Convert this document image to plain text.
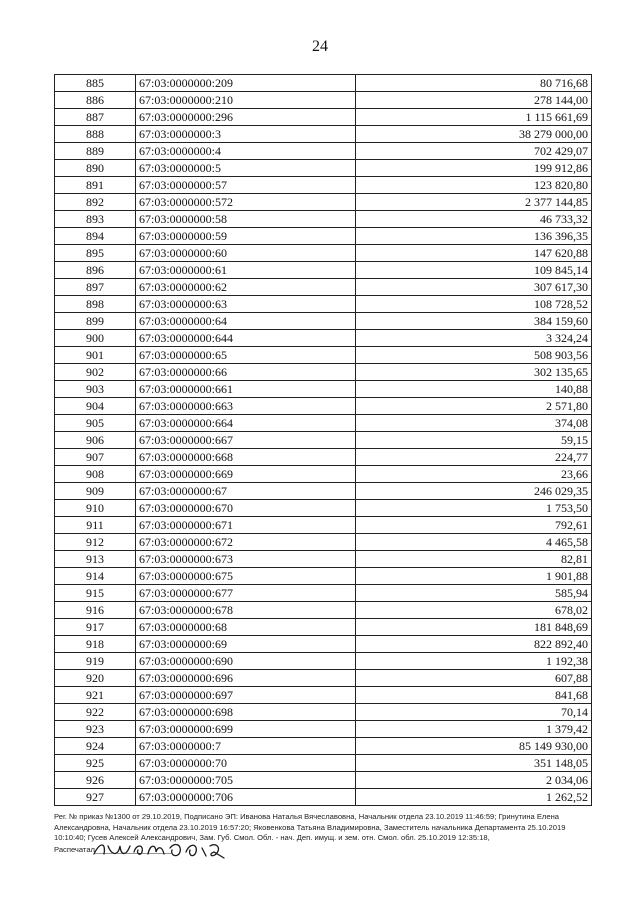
24
885	67:03:0000000:209	80 716,68
886	67:03:0000000:210	278 144,00
887	67:03:0000000:296	1 115 661,69
888	67:03:0000000:3	38 279 000,00
889	67:03:0000000:4	702 429,07
890	67:03:0000000:5	199 912,86
891	67:03:0000000:57	123 820,80
892	67:03:0000000:572	2 377 144,85
893	67:03:0000000:58	46 733,32
894	67:03:0000000:59	136 396,35
895	67:03:0000000:60	147 620,88
896	67:03:0000000:61	109 845,14
897	67:03:0000000:62	307 617,30
898	67:03:0000000:63	108 728,52
899	67:03:0000000:64	384 159,60
900	67:03:0000000:644	3 324,24
901	67:03:0000000:65	508 903,56
902	67:03:0000000:66	302 135,65
903	67:03:0000000:661	140,88
904	67:03:0000000:663	2 571,80
905	67:03:0000000:664	374,08
906	67:03:0000000:667	59,15
907	67:03:0000000:668	224,77
908	67:03:0000000:669	23,66
909	67:03:0000000:67	246 029,35
910	67:03:0000000:670	1 753,50
911	67:03:0000000:671	792,61
912	67:03:0000000:672	4 465,58
913	67:03:0000000:673	82,81
914	67:03:0000000:675	1 901,88
915	67:03:0000000:677	585,94
916	67:03:0000000:678	678,02
917	67:03:0000000:68	181 848,69
918	67:03:0000000:69	822 892,40
919	67:03:0000000:690	1 192,38
920	67:03:0000000:696	607,88
921	67:03:0000000:697	841,68
922	67:03:0000000:698	70,14
923	67:03:0000000:699	1 379,42
924	67:03:0000000:7	85 149 930,00
925	67:03:0000000:70	351 148,05
926	67:03:0000000:705	2 034,06
927	67:03:0000000:706	1 262,52
Рег. № приказ №1300 от 29.10.2019, Подписано ЭП: Иванова Наталья Вячеславовна, Начальник отдела 23.10.2019 11:46:59; Гринутина Елена
Александровна, Начальник отдела 23.10.2019 16:57:20; Яковенкова Татьяна Владимировна, Заместитель начальника Департамента 25.10.2019
10:10:40; Гусев Алексей Александрович, Зам. Губ. Смол. Обл. - нач. Деп. имущ. и зем. отн. Смол. обл. 25.10.2019 12:35:18,
Распечатал__________________
